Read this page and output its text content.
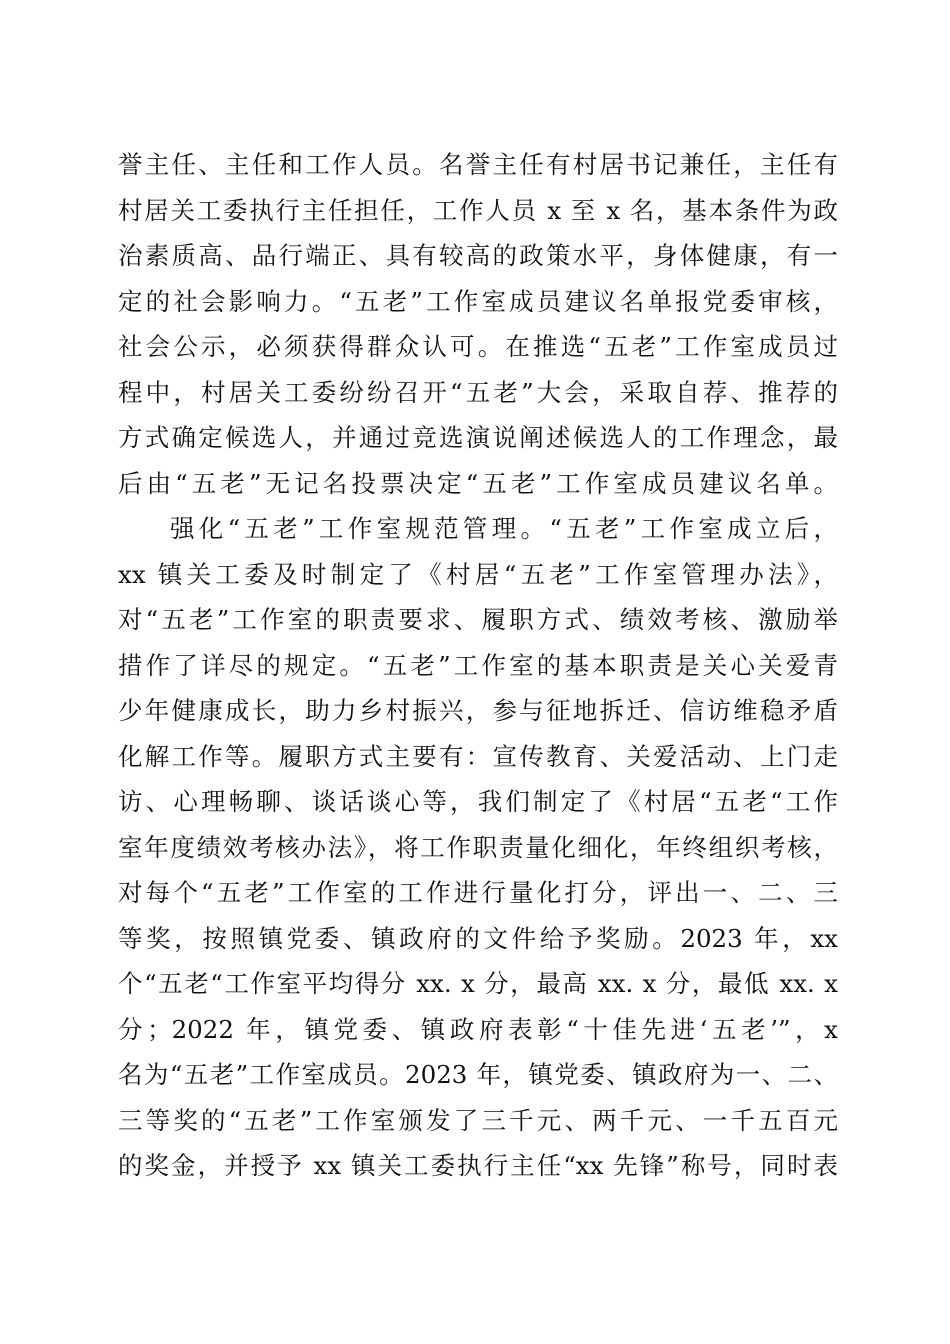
誉主任、主任和工作人员。名誉主任有村居书记兼任，主任有
村居关工委执行主任担任，工作人员 x 至 x 名，基本条件为政
治素质高、品行端正、具有较高的政策水平，身体健康，有一
定的社会影响力。“五老”工作室成员建议名单报党委审核，
社会公示，必须获得群众认可。在推选“五老”工作室成员过
程中，村居关工委纷纷召开“五老”大会，采取自荐、推荐的
方式确定候选人，并通过竞选演说阐述候选人的工作理念，最
后由“五老”无记名投票决定“五老”工作室成员建议名单。
强化“五老”工作室规范管理。“五老”工作室成立后，
xx 镇关工委及时制定了《村居“五老”工作室管理办法》，
对“五老”工作室的职责要求、履职方式、绩效考核、激励举
措作了详尽的规定。“五老”工作室的基本职责是关心关爱青
少年健康成长，助力乡村振兴，参与征地拆迁、信访维稳矛盾
化解工作等。履职方式主要有：宣传教育、关爱活动、上门走
访、心理畅聊、谈话谈心等，我们制定了《村居“五老“工作
室年度绩效考核办法》，将工作职责量化细化，年终组织考核，
对每个“五老”工作室的工作进行量化打分，评出一、二、三
等奖，按照镇党委、镇政府的文件给予奖励。2023 年，xx
个“五老“工作室平均得分 xx. x 分，最高 xx. x 分，最低 xx. x
分；2022 年，镇党委、镇政府表彰“十佳先进‘五老’”，x
名为“五老”工作室成员。2023 年，镇党委、镇政府为一、二、
三等奖的“五老”工作室颁发了三千元、两千元、一千五百元
的奖金，并授予 xx 镇关工委执行主任“xx 先锋”称号，同时表
